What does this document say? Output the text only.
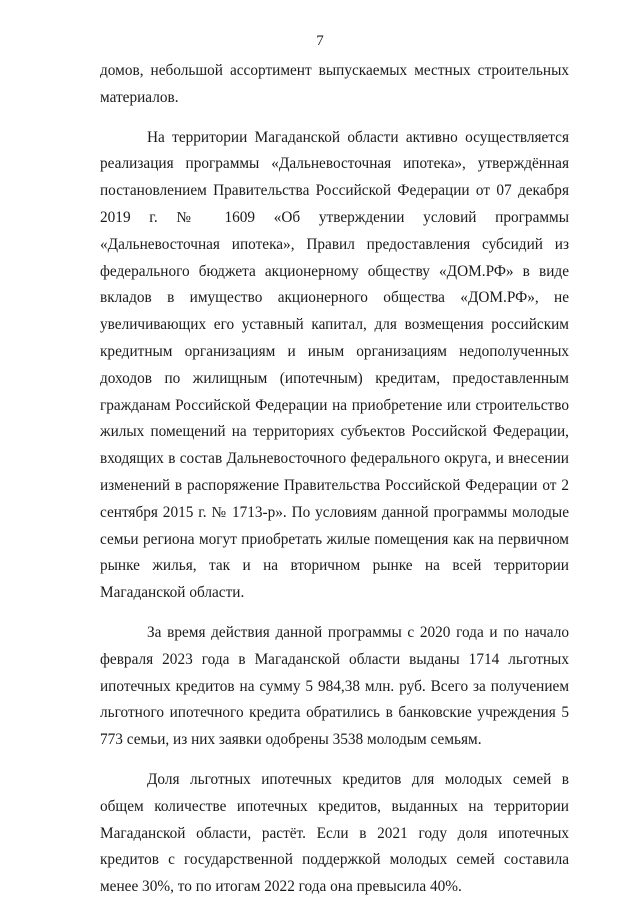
7

домов, небольшой ассортимент выпускаемых местных строительных материалов.

На территории Магаданской области активно осуществляется реализация программы «Дальневосточная ипотека», утверждённая постановлением Правительства Российской Федерации от 07 декабря 2019 г. № 1609 «Об утверждении условий программы «Дальневосточная ипотека», Правил предоставления субсидий из федерального бюджета акционерному обществу «ДОМ.РФ» в виде вкладов в имущество акционерного общества «ДОМ.РФ», не увеличивающих его уставный капитал, для возмещения российским кредитным организациям и иным организациям недополученных доходов по жилищным (ипотечным) кредитам, предоставленным гражданам Российской Федерации на приобретение или строительство жилых помещений на территориях субъектов Российской Федерации, входящих в состав Дальневосточного федерального округа, и внесении изменений в распоряжение Правительства Российской Федерации от 2 сентября 2015 г. № 1713-р». По условиям данной программы молодые семьи региона могут приобретать жилые помещения как на первичном рынке жилья, так и на вторичном рынке на всей территории Магаданской области.

За время действия данной программы с 2020 года и по начало февраля 2023 года в Магаданской области выданы 1714 льготных ипотечных кредитов на сумму 5 984,38 млн. руб. Всего за получением льготного ипотечного кредита обратились в банковские учреждения 5 773 семьи, из них заявки одобрены 3538 молодым семьям.

Доля льготных ипотечных кредитов для молодых семей в общем количестве ипотечных кредитов, выданных на территории Магаданской области, растёт. Если в 2021 году доля ипотечных кредитов с государственной поддержкой молодых семей составила менее 30%, то по итогам 2022 года она превысила 40%.
